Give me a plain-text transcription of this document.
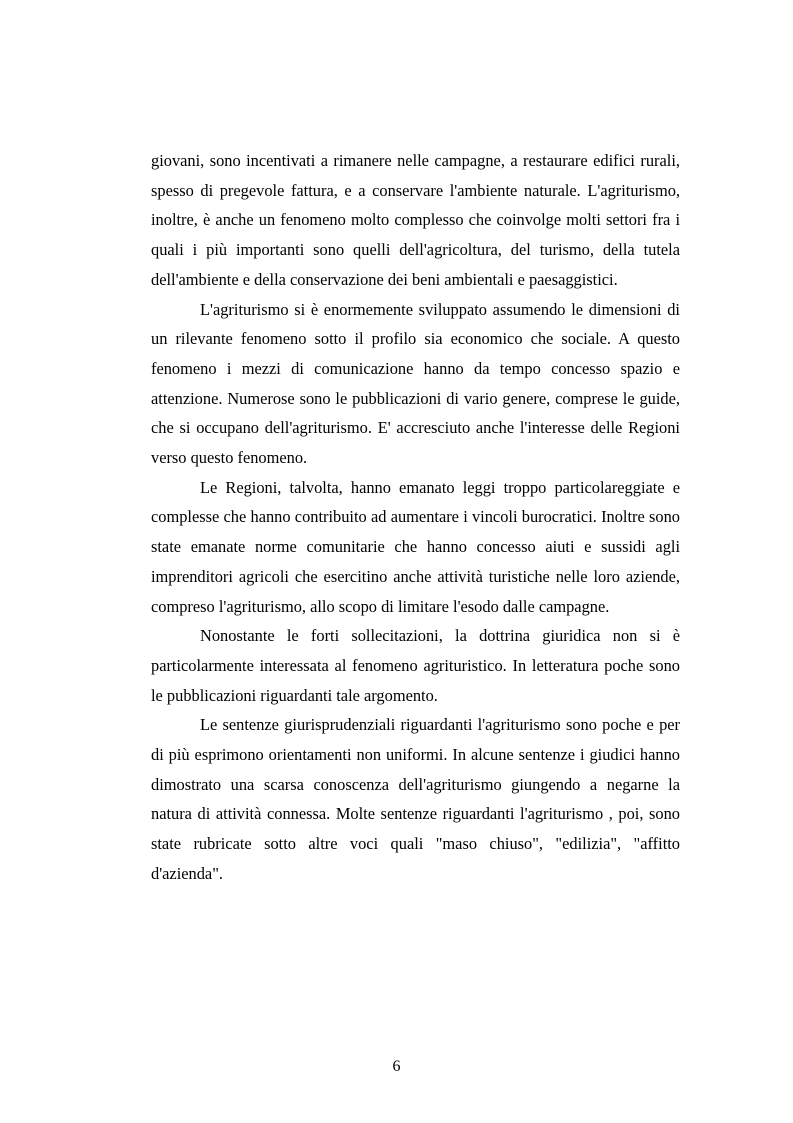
giovani, sono incentivati a rimanere nelle campagne, a restaurare edifici rurali, spesso di pregevole fattura, e a conservare l'ambiente naturale. L'agriturismo, inoltre, è anche un fenomeno molto complesso che coinvolge molti settori fra i quali i più importanti sono quelli dell'agricoltura, del turismo, della tutela dell'ambiente e della conservazione dei beni ambientali e paesaggistici.

L'agriturismo si è enormemente sviluppato assumendo le dimensioni di un rilevante fenomeno sotto il profilo sia economico che sociale. A questo fenomeno i mezzi di comunicazione hanno da tempo concesso spazio e attenzione. Numerose sono le pubblicazioni di vario genere, comprese le guide, che si occupano dell'agriturismo. E' accresciuto anche l'interesse delle Regioni verso questo fenomeno.

Le Regioni, talvolta, hanno emanato leggi troppo particolareggiate e complesse che hanno contribuito ad aumentare i vincoli burocratici. Inoltre sono state emanate norme comunitarie che hanno concesso aiuti e sussidi agli imprenditori agricoli che esercitino anche attività turistiche nelle loro aziende, compreso l'agriturismo, allo scopo di limitare l'esodo dalle campagne.

Nonostante le forti sollecitazioni, la dottrina giuridica non si è particolarmente interessata al fenomeno agrituristico. In letteratura poche sono le pubblicazioni riguardanti tale argomento.

Le sentenze giurisprudenziali riguardanti l'agriturismo sono poche e per di più esprimono orientamenti non uniformi. In alcune sentenze i giudici hanno dimostrato una scarsa conoscenza dell'agriturismo giungendo a negarne la natura di attività connessa. Molte sentenze riguardanti l'agriturismo , poi, sono state rubricate sotto altre voci quali "maso chiuso", "edilizia", "affitto d'azienda".

6
